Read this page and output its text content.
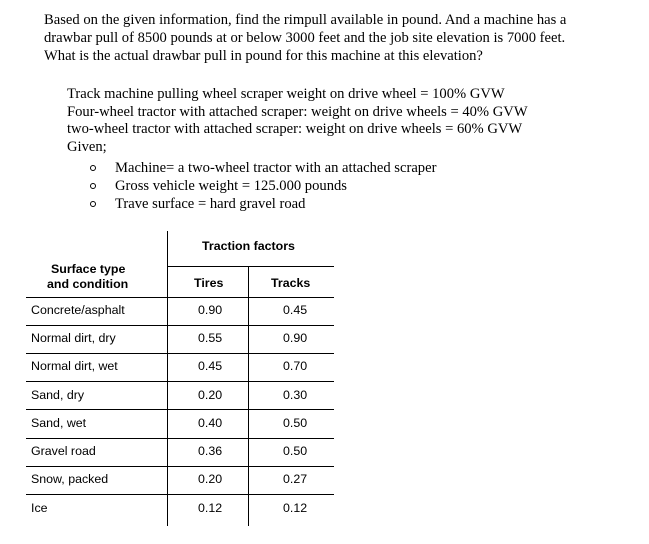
Based on the given information, find the rimpull available in pound. And a machine has a
drawbar pull of 8500 pounds at or below 3000 feet and the job site elevation is 7000 feet.
What is the actual drawbar pull in pound for this machine at this elevation?
Track machine pulling wheel scraper weight on drive wheel = 100% GVW
Four-wheel tractor with attached scraper: weight on drive wheels = 40% GVW
two-wheel tractor with attached scraper: weight on drive wheels = 60% GVW
Given;
Machine= a two-wheel tractor with an attached scraper
Gross vehicle weight = 125.000 pounds
Trave surface = hard gravel road
Traction factors
Surface type
and condition	Tires	Tracks
Concrete/asphalt	0.90	0.45
Normal dirt, dry	0.55	0.90
Normal dirt, wet	0.45	0.70
Sand, dry	0.20	0.30
Sand, wet	0.40	0.50
Gravel road	0.36	0.50
Snow, packed	0.20	0.27
Ice	0.12	0.12
